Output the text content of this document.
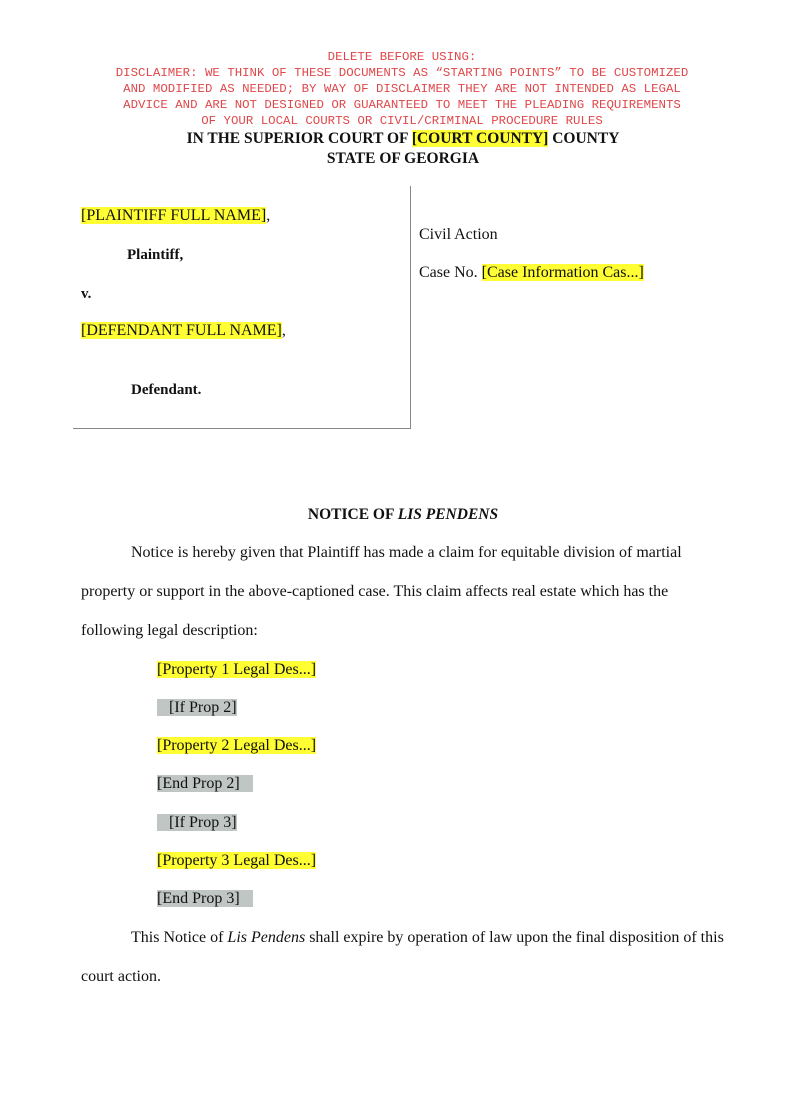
DELETE BEFORE USING:
DISCLAIMER: WE THINK OF THESE DOCUMENTS AS “STARTING POINTS” TO BE CUSTOMIZED
AND MODIFIED AS NEEDED; BY WAY OF DISCLAIMER THEY ARE NOT INTENDED AS LEGAL
ADVICE AND ARE NOT DESIGNED OR GUARANTEED TO MEET THE PLEADING REQUIREMENTS
OF YOUR LOCAL COURTS OR CIVIL/CRIMINAL PROCEDURE RULES
IN THE SUPERIOR COURT OF [COURT COUNTY] COUNTY
STATE OF GEORGIA
[PLAINTIFF FULL NAME],
Plaintiff,
v.
[DEFENDANT FULL NAME],
Defendant.
Civil Action
Case No. [Case Information Cas...]
NOTICE OF LIS PENDENS
Notice is hereby given that Plaintiff has made a claim for equitable division of martial property or support in the above-captioned case. This claim affects real estate which has the following legal description:
[Property 1 Legal Des...]
[If Prop 2]
[Property 2 Legal Des...]
[End Prop 2]
[If Prop 3]
[Property 3 Legal Des...]
[End Prop 3]
This Notice of Lis Pendens shall expire by operation of law upon the final disposition of this court action.
